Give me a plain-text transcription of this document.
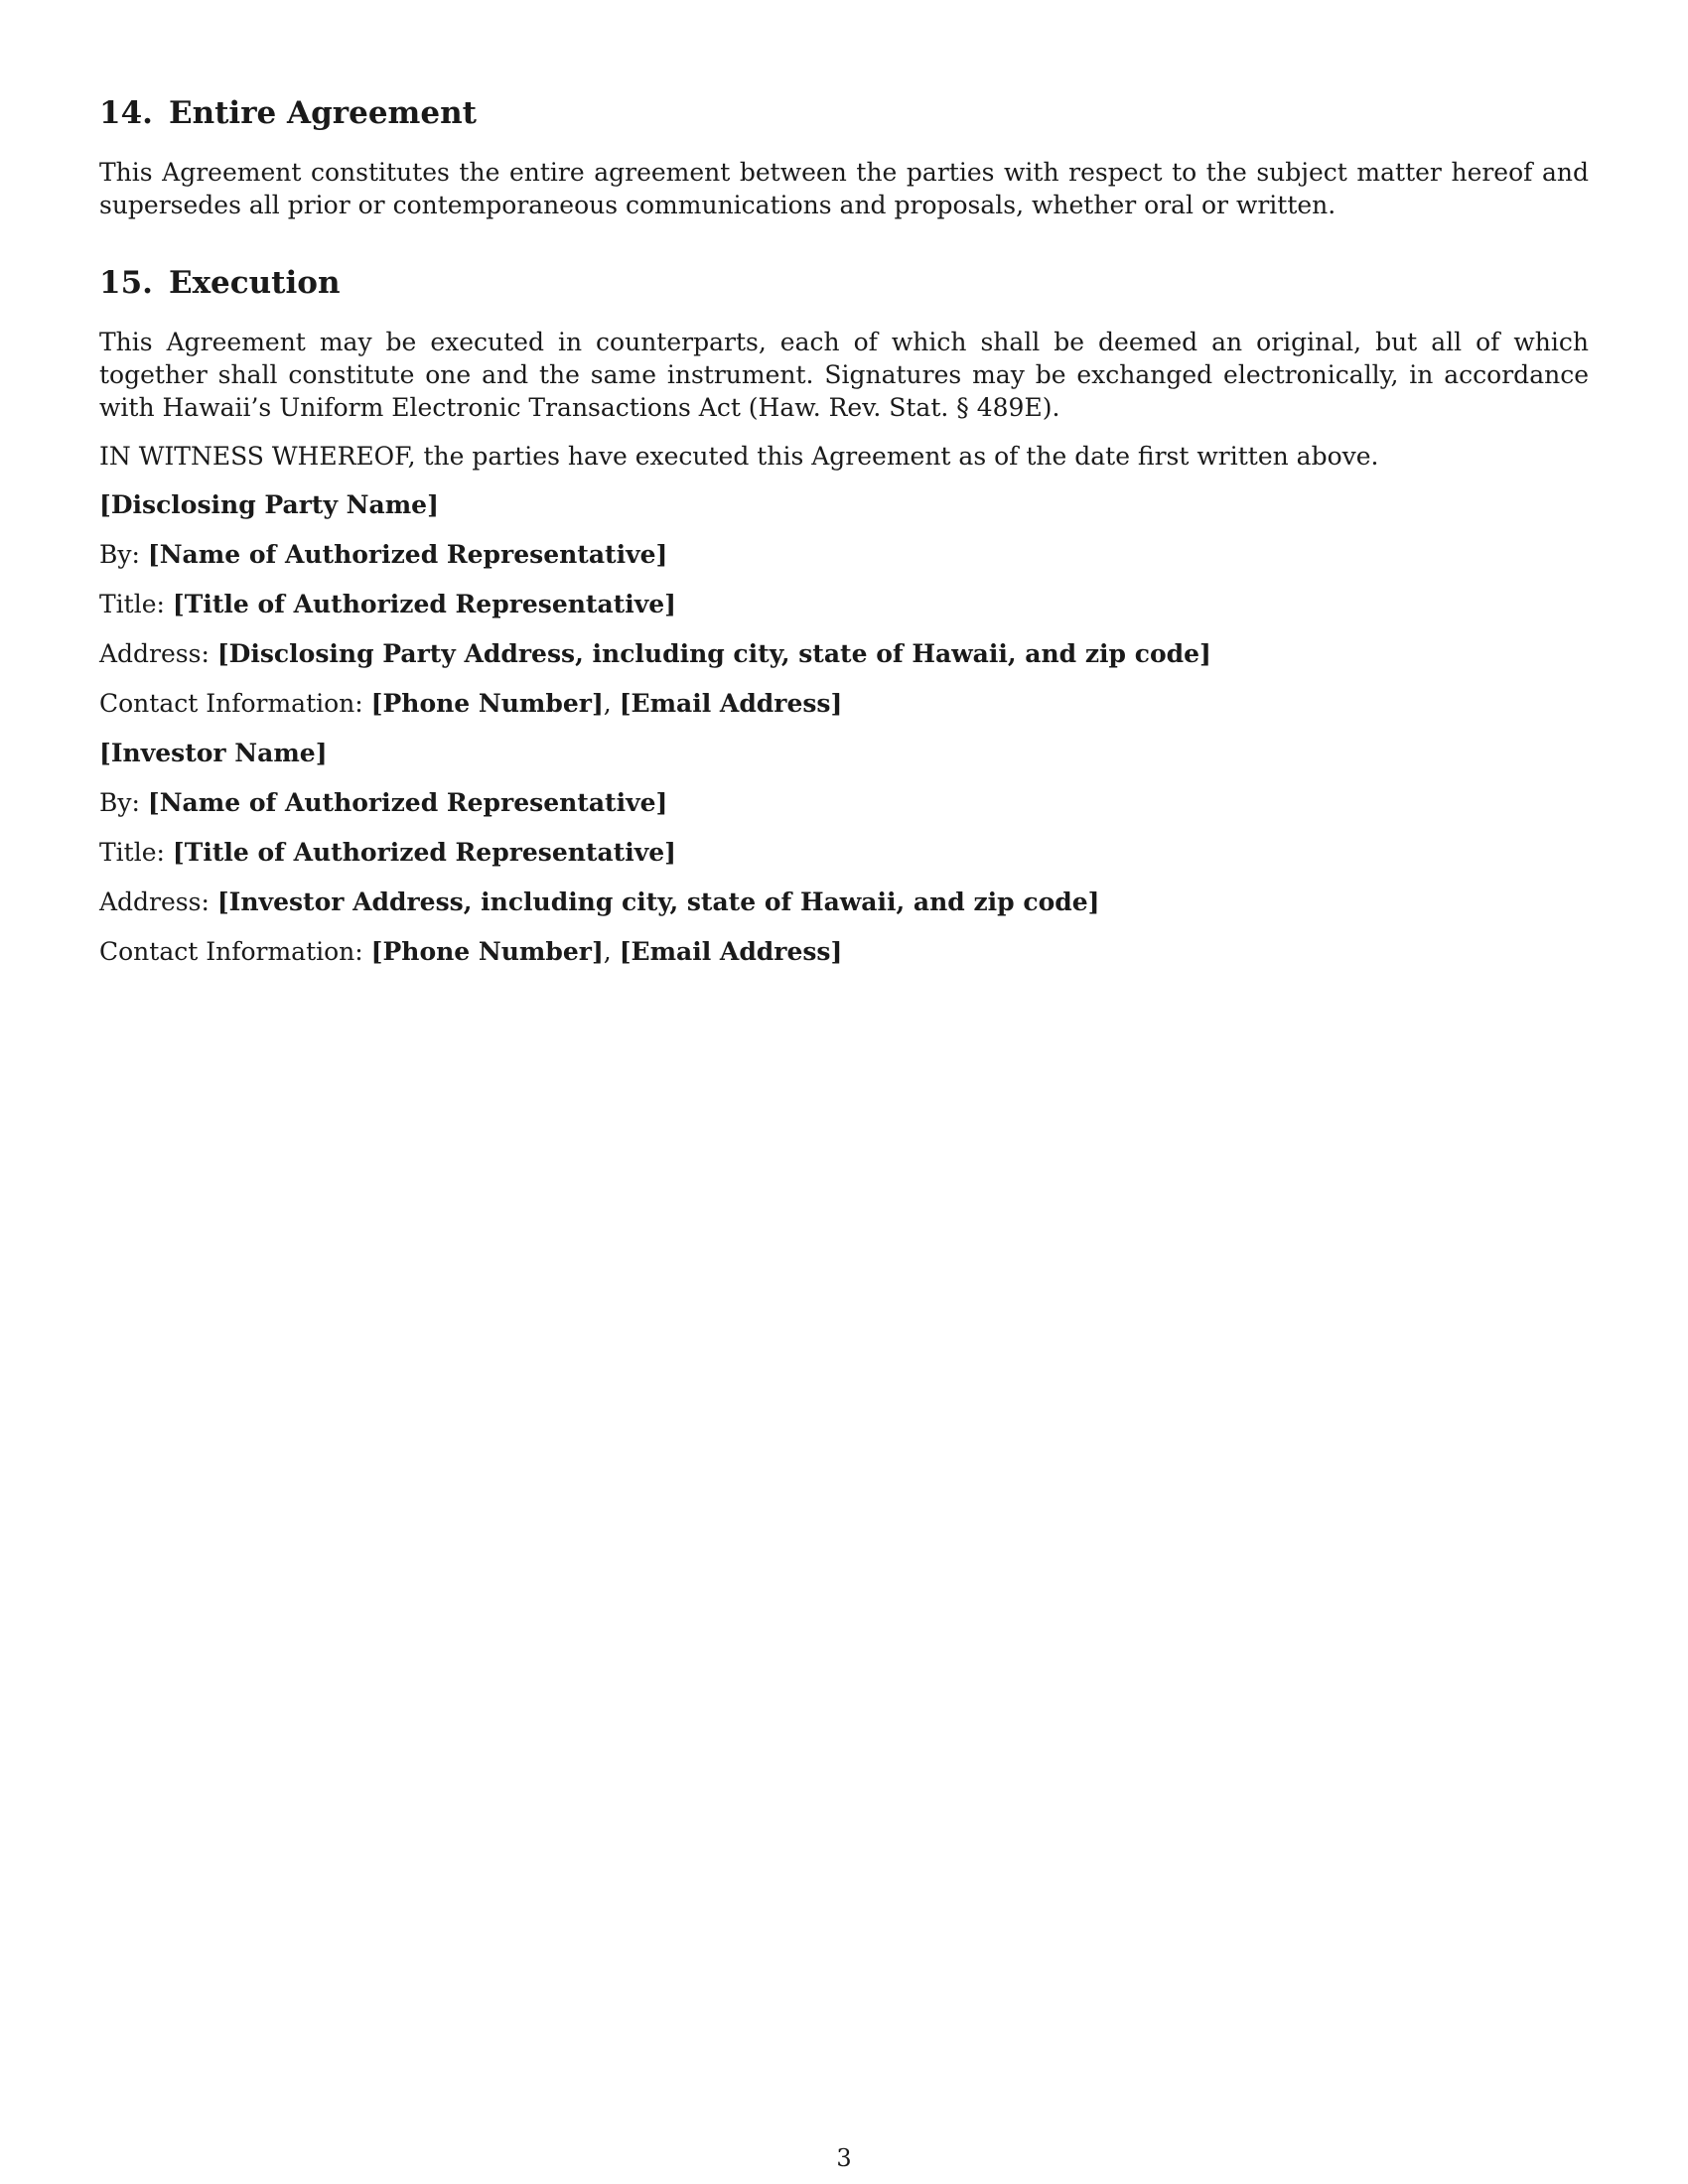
14. Entire Agreement

This Agreement constitutes the entire agreement between the parties with respect to the subject matter hereof and supersedes all prior or contemporaneous communications and proposals, whether oral or written.

15. Execution

This Agreement may be executed in counterparts, each of which shall be deemed an original, but all of which together shall constitute one and the same instrument. Signatures may be exchanged electronically, in accordance with Hawaii’s Uniform Electronic Transactions Act (Haw. Rev. Stat. § 489E).

IN WITNESS WHEREOF, the parties have executed this Agreement as of the date first written above.

[Disclosing Party Name]

By: [Name of Authorized Representative]

Title: [Title of Authorized Representative]

Address: [Disclosing Party Address, including city, state of Hawaii, and zip code]

Contact Information: [Phone Number], [Email Address]

[Investor Name]

By: [Name of Authorized Representative]

Title: [Title of Authorized Representative]

Address: [Investor Address, including city, state of Hawaii, and zip code]

Contact Information: [Phone Number], [Email Address]

3
